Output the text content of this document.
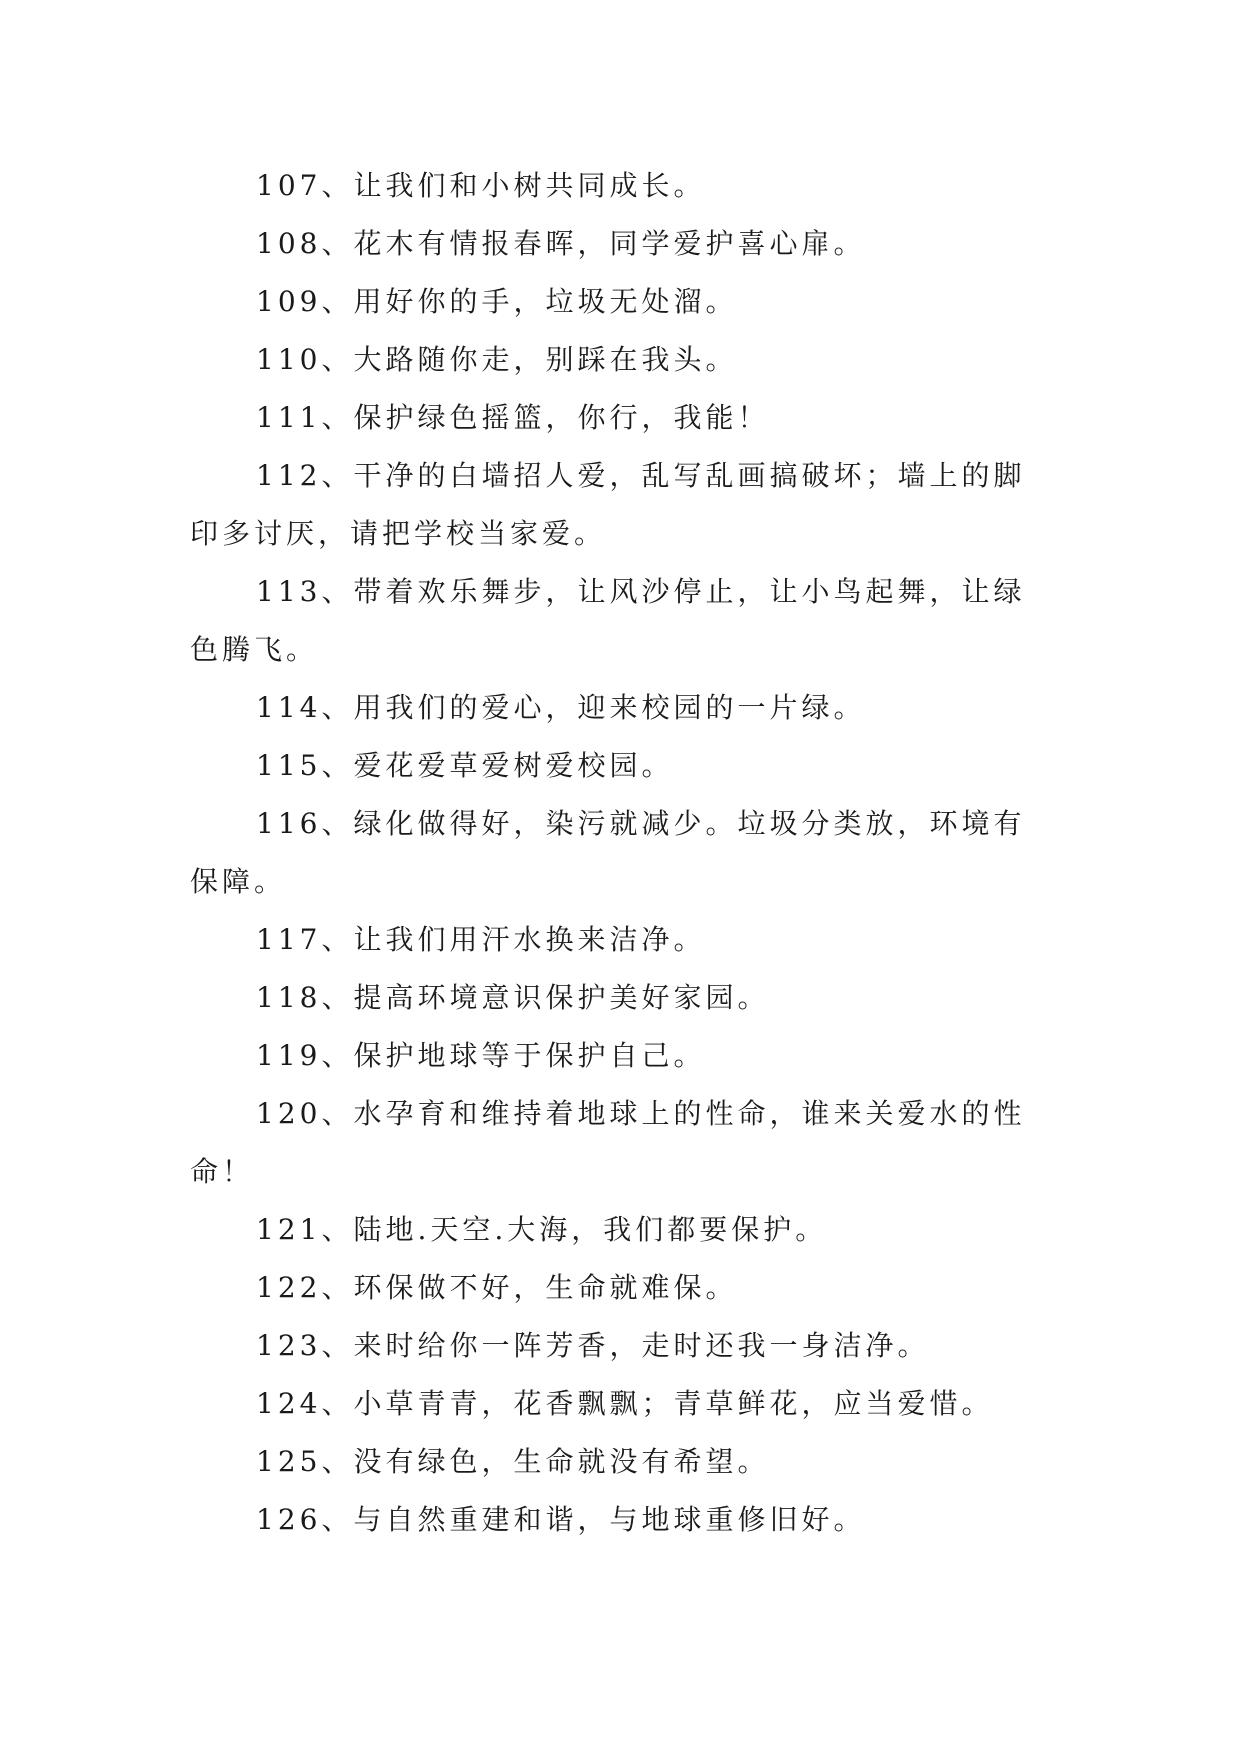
107、让我们和小树共同成长。

108、花木有情报春晖，同学爱护喜心扉。

109、用好你的手，垃圾无处溜。

110、大路随你走，别踩在我头。

111、保护绿色摇篮，你行，我能！

112、干净的白墙招人爱，乱写乱画搞破坏；墙上的脚印多讨厌，请把学校当家爱。

113、带着欢乐舞步，让风沙停止，让小鸟起舞，让绿色腾飞。

114、用我们的爱心，迎来校园的一片绿。

115、爱花爱草爱树爱校园。

116、绿化做得好，染污就减少。垃圾分类放，环境有保障。

117、让我们用汗水换来洁净。

118、提高环境意识保护美好家园。

119、保护地球等于保护自己。

120、水孕育和维持着地球上的性命，谁来关爱水的性命！

121、陆地.天空.大海，我们都要保护。

122、环保做不好，生命就难保。

123、来时给你一阵芳香，走时还我一身洁净。

124、小草青青，花香飘飘；青草鲜花，应当爱惜。

125、没有绿色，生命就没有希望。

126、与自然重建和谐，与地球重修旧好。
